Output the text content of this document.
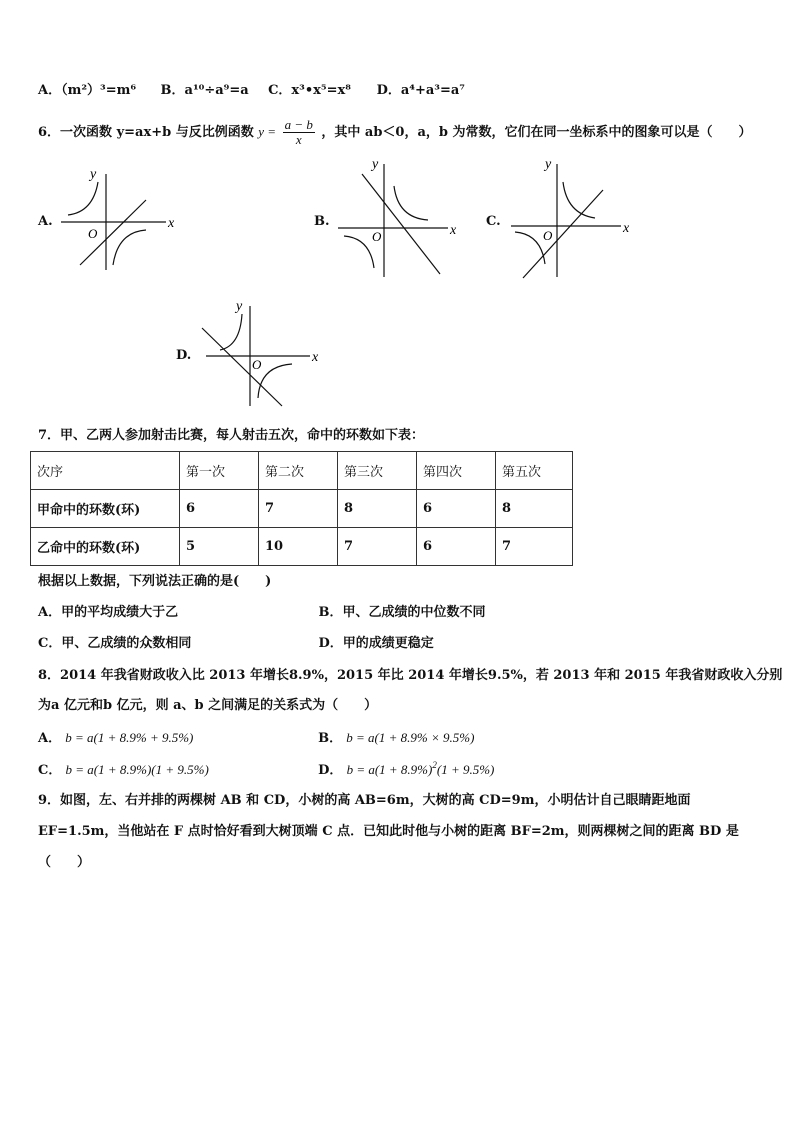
A．（m²）³=m⁶ B．a¹⁰÷a⁹=a C．x³•x⁵=x⁸ D．a⁴+a³=a⁷
6．一次函数 y=ax+b 与反比例函数 $y = \frac{a - b}{x}$ ，其中 ab＜0，a，b 为常数，它们在同一坐标系中的图象可以是（　　）
A.
y
x
O
B.
y
x
O
C.
y
x
O
D.
y
x
O
7．甲、乙两人参加射击比赛，每人射击五次，命中的环数如下表：
次序	第一次	第二次	第三次	第四次	第五次
甲命中的环数(环)	6	7	8	6	8
乙命中的环数(环)	5	10	7	6	7
根据以上数据，下列说法正确的是(　　)
A．甲的平均成绩大于乙	B．甲、乙成绩的中位数不同
C．甲、乙成绩的众数相同	D．甲的成绩更稳定
8．2014 年我省财政收入比 2013 年增长8.9%，2015 年比 2014 年增长9.5%，若 2013 年和 2015 年我省财政收入分别
为a 亿元和b 亿元，则 a、b 之间满足的关系式为（　　）
A． b = a(1 + 8.9% + 9.5%)	B． b = a(1 + 8.9% × 9.5%)
C． b = a(1 + 8.9%)(1 + 9.5%)	D． $b = a(1 + 8.9\%)^2(1 + 9.5\%)$
9．如图，左、右并排的两棵树 AB 和 CD，小树的高 AB=6m，大树的高 CD=9m，小明估计自己眼睛距地面
EF=1.5m，当他站在 F 点时恰好看到大树顶端 C 点．已知此时他与小树的距离 BF=2m，则两棵树之间的距离 BD 是
（　　）
